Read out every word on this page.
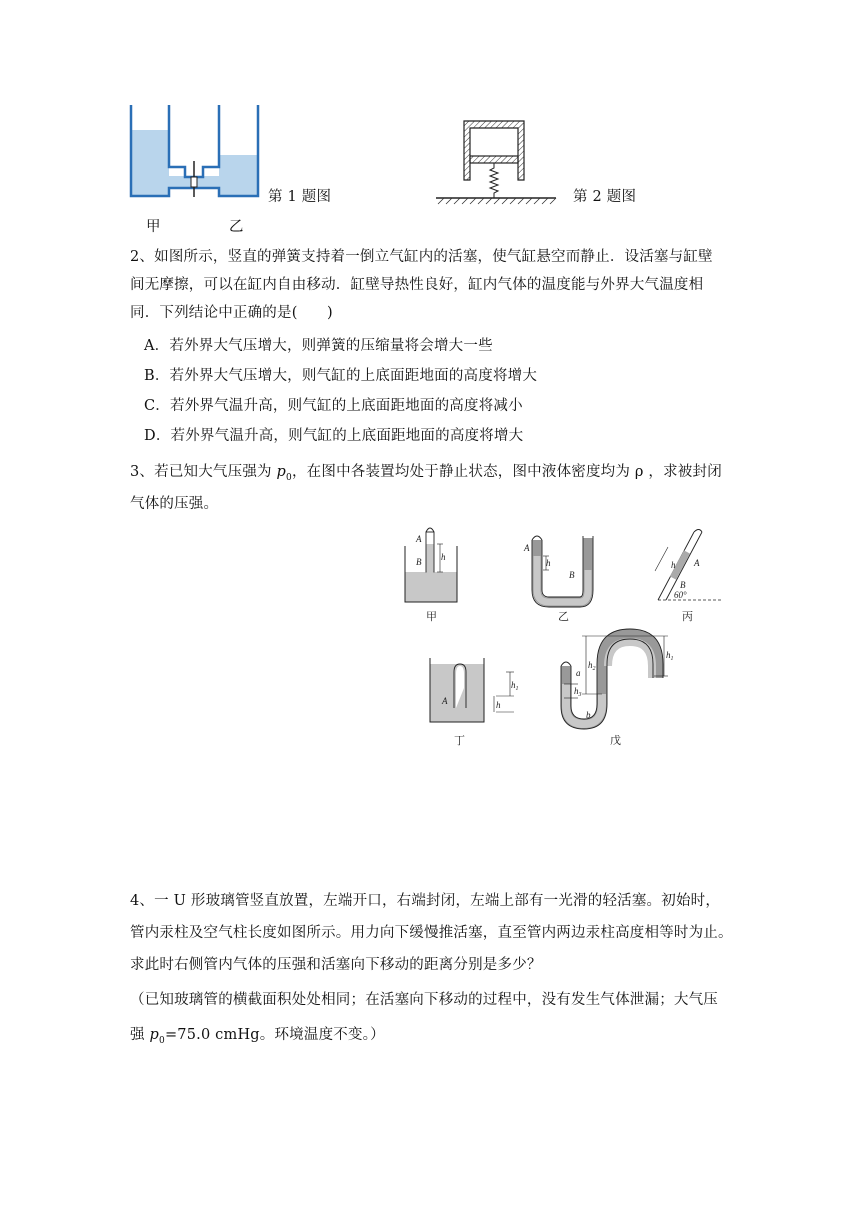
第 1 题图
甲	乙
第 2 题图
2、如图所示，竖直的弹簧支持着一倒立气缸内的活塞，使气缸悬空而静止．设活塞与缸壁
间无摩擦，可以在缸内自由移动．缸壁导热性良好，缸内气体的温度能与外界大气温度相
同．下列结论中正确的是(　　)
A．若外界大气压增大，则弹簧的压缩量将会增大一些
B．若外界大气压增大，则气缸的上底面距地面的高度将增大
C．若外界气温升高，则气缸的上底面距地面的高度将减小
D．若外界气温升高，则气缸的上底面距地面的高度将增大
3、若已知大气压强为 $p_0$，在图中各装置均处于静止状态，图中液体密度均为 ρ ，求被封闭
气体的压强。
A
B h
甲
A
h
B
乙
h A
B
60°
丙
A
$h_1$
h
丁
a
$h_3$
$h_2$
$h_1$
b
戊
4、一 U 形玻璃管竖直放置，左端开口，右端封闭，左端上部有一光滑的轻活塞。初始时，
管内汞柱及空气柱长度如图所示。用力向下缓慢推活塞，直至管内两边汞柱高度相等时为止。
求此时右侧管内气体的压强和活塞向下移动的距离分别是多少？
（已知玻璃管的横截面积处处相同；在活塞向下移动的过程中，没有发生气体泄漏；大气压
强 $p_0=75.0$ cmHg。环境温度不变。）
